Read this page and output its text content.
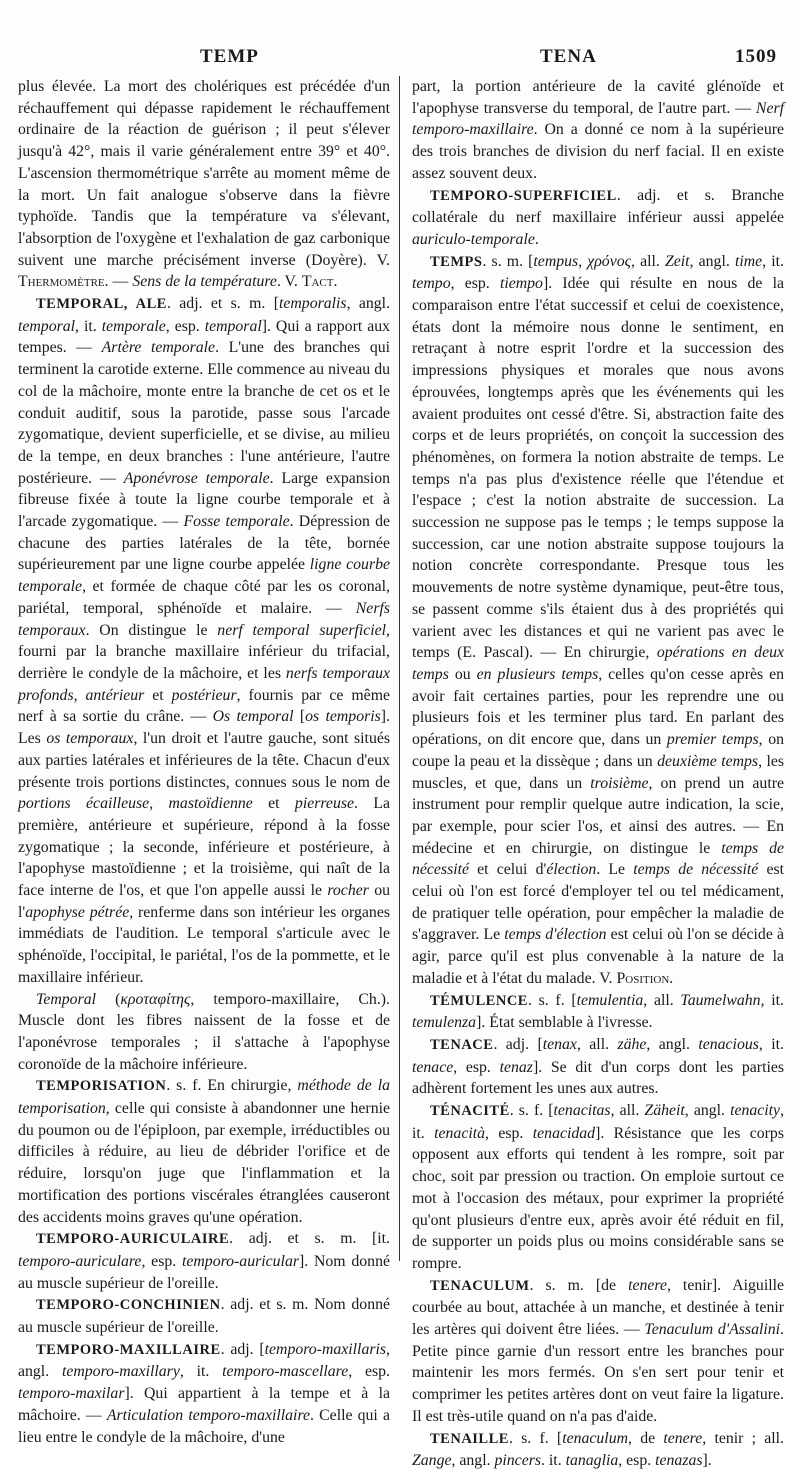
TEMP	TENA	1509

plus élevée. La mort des cholériques est précédée d'un réchauffement qui dépasse rapidement le réchauffement ordinaire de la réaction de guérison ; il peut s'élever jusqu'à 42°, mais il varie généralement entre 39° et 40°. L'ascension thermométrique s'arrête au moment même de la mort. Un fait analogue s'observe dans la fièvre typhoïde. Tandis que la température va s'élevant, l'absorption de l'oxygène et l'exhalation de gaz carbonique suivent une marche précisément inverse (Doyère). V. Thermomètre. — Sens de la température. V. Tact.

TEMPORAL, ALE. adj. et s. m. [temporalis, angl. temporal, it. temporale, esp. temporal]. Qui a rapport aux tempes. — Artère temporale. L'une des branches qui terminent la carotide externe. Elle commence au niveau du col de la mâchoire, monte entre la branche de cet os et le conduit auditif, sous la parotide, passe sous l'arcade zygomatique, devient superficielle, et se divise, au milieu de la tempe, en deux branches : l'une antérieure, l'autre postérieure. — Aponévrose temporale. Large expansion fibreuse fixée à toute la ligne courbe temporale et à l'arcade zygomatique. — Fosse temporale. Dépression de chacune des parties latérales de la tête, bornée supérieurement par une ligne courbe appelée ligne courbe temporale, et formée de chaque côté par les os coronal, pariétal, temporal, sphénoïde et malaire. — Nerfs temporaux. On distingue le nerf temporal superficiel, fourni par la branche maxillaire inférieur du trifacial, derrière le condyle de la mâchoire, et les nerfs temporaux profonds, antérieur et postérieur, fournis par ce même nerf à sa sortie du crâne. — Os temporal [os temporis]. Les os temporaux, l'un droit et l'autre gauche, sont situés aux parties latérales et inférieures de la tête. Chacun d'eux présente trois portions distinctes, connues sous le nom de portions écailleuse, mastoïdienne et pierreuse. La première, antérieure et supérieure, répond à la fosse zygomatique ; la seconde, inférieure et postérieure, à l'apophyse mastoïdienne ; et la troisième, qui naît de la face interne de l'os, et que l'on appelle aussi le rocher ou l'apophyse pétrée, renferme dans son intérieur les organes immédiats de l'audition. Le temporal s'articule avec le sphénoïde, l'occipital, le pariétal, l'os de la pommette, et le maxillaire inférieur.

Temporal (κροταφίτης, temporo-maxillaire, Ch.). Muscle dont les fibres naissent de la fosse et de l'aponévrose temporales ; il s'attache à l'apophyse coronoïde de la mâchoire inférieure.

TEMPORISATION. s. f. En chirurgie, méthode de la temporisation, celle qui consiste à abandonner une hernie du poumon ou de l'épiploon, par exemple, irréductibles ou difficiles à réduire, au lieu de débrider l'orifice et de réduire, lorsqu'on juge que l'inflammation et la mortification des portions viscérales étranglées causeront des accidents moins graves qu'une opération.

TEMPORO-AURICULAIRE. adj. et s. m. [it. temporo-auriculare, esp. temporo-auricular]. Nom donné au muscle supérieur de l'oreille.

TEMPORO-CONCHINIEN. adj. et s. m. Nom donné au muscle supérieur de l'oreille.

TEMPORO-MAXILLAIRE. adj. [temporo-maxillaris, angl. temporo-maxillary, it. temporo-mascellare, esp. temporo-maxilar]. Qui appartient à la tempe et à la mâchoire. — Articulation temporo-maxillaire. Celle qui a lieu entre le condyle de la mâchoire, d'une

part, la portion antérieure de la cavité glénoïde et l'apophyse transverse du temporal, de l'autre part. — Nerf temporo-maxillaire. On a donné ce nom à la supérieure des trois branches de division du nerf facial. Il en existe assez souvent deux.

TEMPORO-SUPERFICIEL. adj. et s. Branche collatérale du nerf maxillaire inférieur aussi appelée auriculo-temporale.

TEMPS. s. m. [tempus, χρόνος, all. Zeit, angl. time, it. tempo, esp. tiempo]. Idée qui résulte en nous de la comparaison entre l'état successif et celui de coexistence, états dont la mémoire nous donne le sentiment, en retraçant à notre esprit l'ordre et la succession des impressions physiques et morales que nous avons éprouvées, longtemps après que les événements qui les avaient produites ont cessé d'être. Si, abstraction faite des corps et de leurs propriétés, on conçoit la succession des phénomènes, on formera la notion abstraite de temps. Le temps n'a pas plus d'existence réelle que l'étendue et l'espace ; c'est la notion abstraite de succession. La succession ne suppose pas le temps ; le temps suppose la succession, car une notion abstraite suppose toujours la notion concrète correspondante. Presque tous les mouvements de notre système dynamique, peut-être tous, se passent comme s'ils étaient dus à des propriétés qui varient avec les distances et qui ne varient pas avec le temps (E. Pascal). — En chirurgie, opérations en deux temps ou en plusieurs temps, celles qu'on cesse après en avoir fait certaines parties, pour les reprendre une ou plusieurs fois et les terminer plus tard. En parlant des opérations, on dit encore que, dans un premier temps, on coupe la peau et la dissèque ; dans un deuxième temps, les muscles, et que, dans un troisième, on prend un autre instrument pour remplir quelque autre indication, la scie, par exemple, pour scier l'os, et ainsi des autres. — En médecine et en chirurgie, on distingue le temps de nécessité et celui d'élection. Le temps de nécessité est celui où l'on est forcé d'employer tel ou tel médicament, de pratiquer telle opération, pour empêcher la maladie de s'aggraver. Le temps d'élection est celui où l'on se décide à agir, parce qu'il est plus convenable à la nature de la maladie et à l'état du malade. V. Position.

TÉMULENCE. s. f. [temulentia, all. Taumelwahn, it. temulenza]. État semblable à l'ivresse.

TENACE. adj. [tenax, all. zähe, angl. tenacious, it. tenace, esp. tenaz]. Se dit d'un corps dont les parties adhèrent fortement les unes aux autres.

TÉNACITÉ. s. f. [tenacitas, all. Zäheit, angl. tenacity, it. tenacità, esp. tenacidad]. Résistance que les corps opposent aux efforts qui tendent à les rompre, soit par choc, soit par pression ou traction. On emploie surtout ce mot à l'occasion des métaux, pour exprimer la propriété qu'ont plusieurs d'entre eux, après avoir été réduit en fil, de supporter un poids plus ou moins considérable sans se rompre.

TENACULUM. s. m. [de tenere, tenir]. Aiguille courbée au bout, attachée à un manche, et destinée à tenir les artères qui doivent être liées. — Tenaculum d'Assalini. Petite pince garnie d'un ressort entre les branches pour maintenir les mors fermés. On s'en sert pour tenir et comprimer les petites artères dont on veut faire la ligature. Il est très-utile quand on n'a pas d'aide.

TENAILLE. s. f. [tenaculum, de tenere, tenir ; all. Zange, angl. pincers. it. tanaglia, esp. tenazas].
